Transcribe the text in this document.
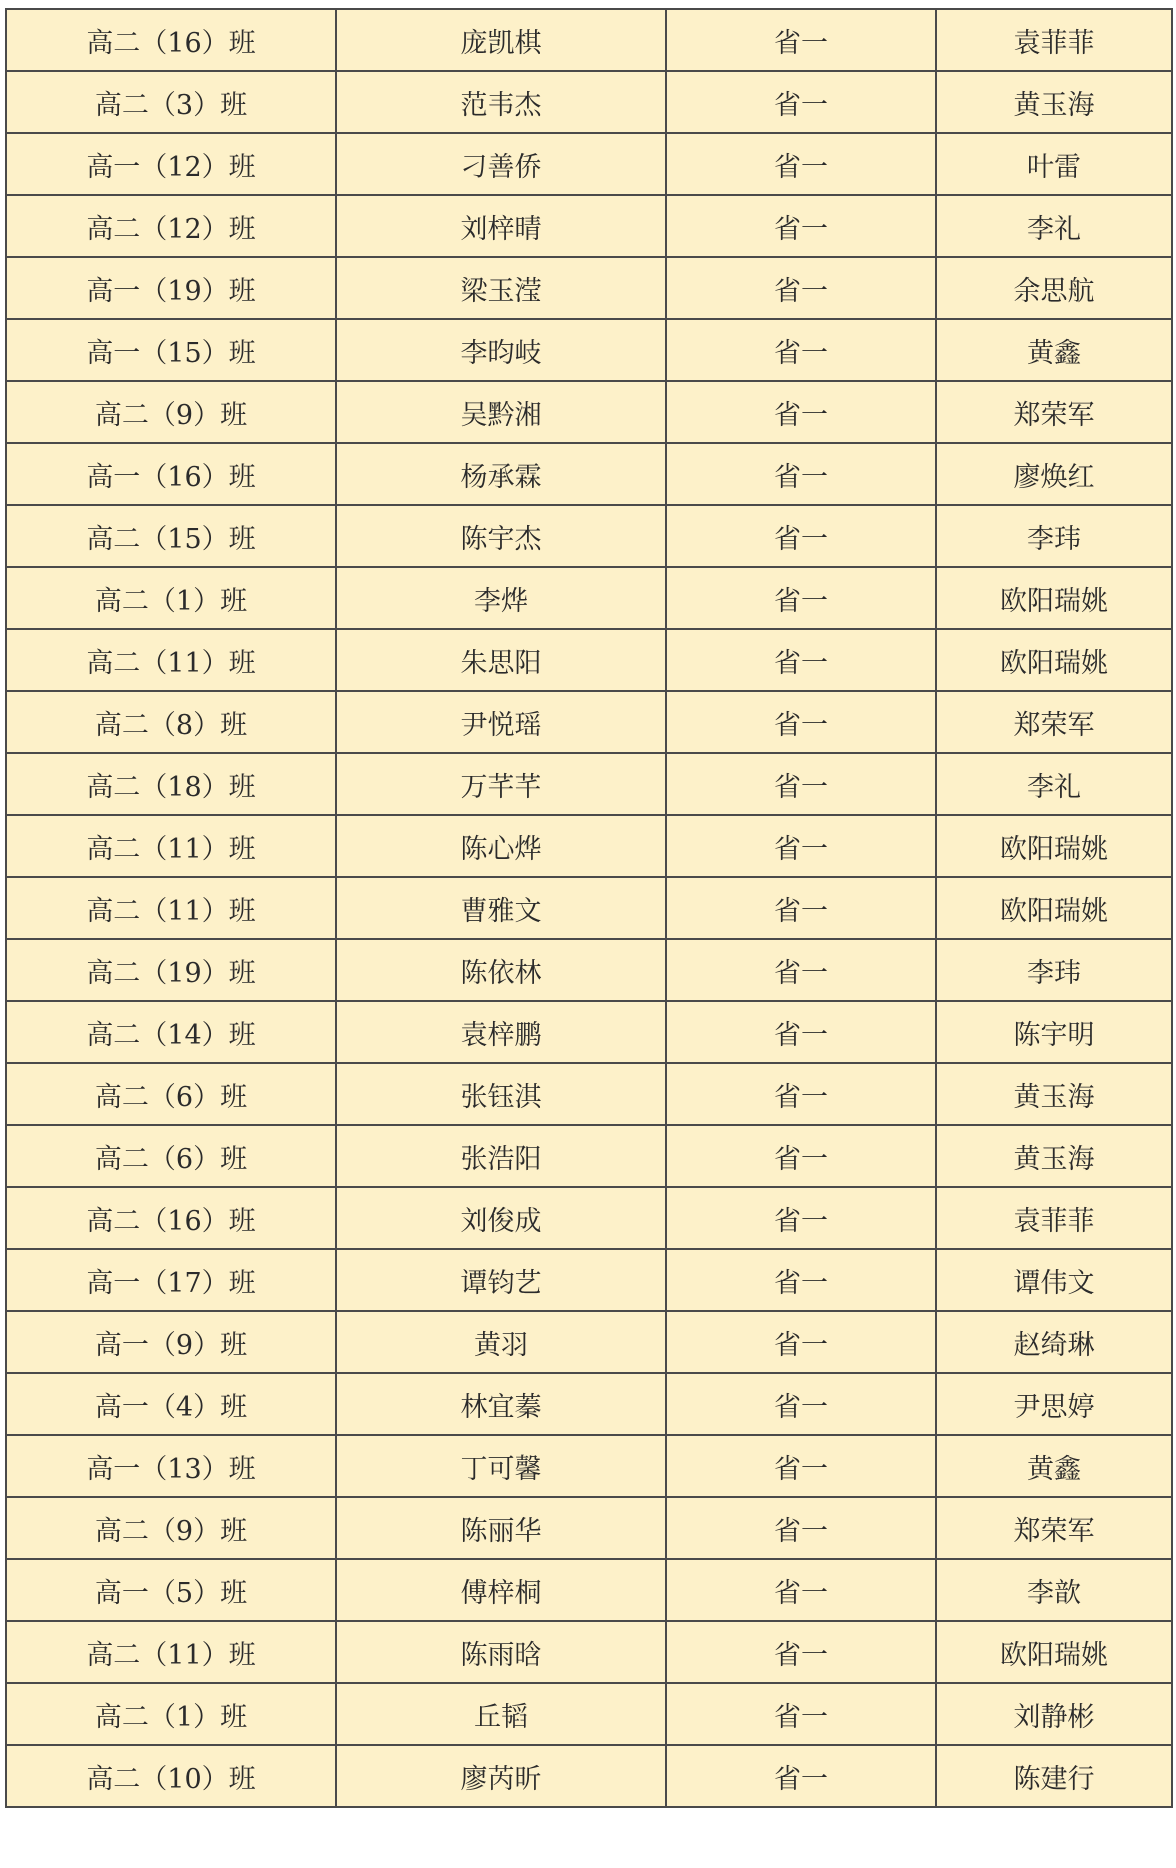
高二（16）班	庞凯棋	省一	袁菲菲
高二（3）班	范韦杰	省一	黄玉海
高一（12）班	刁善侨	省一	叶雷
高二（12）班	刘梓晴	省一	李礼
高一（19）班	梁玉滢	省一	余思航
高一（15）班	李昀岐	省一	黄鑫
高二（9）班	吴黔湘	省一	郑荣军
高一（16）班	杨承霖	省一	廖焕红
高二（15）班	陈宇杰	省一	李玮
高二（1）班	李烨	省一	欧阳瑞姚
高二（11）班	朱思阳	省一	欧阳瑞姚
高二（8）班	尹悦瑶	省一	郑荣军
高二（18）班	万芊芊	省一	李礼
高二（11）班	陈心烨	省一	欧阳瑞姚
高二（11）班	曹雅文	省一	欧阳瑞姚
高二（19）班	陈依林	省一	李玮
高二（14）班	袁梓鹏	省一	陈宇明
高二（6）班	张钰淇	省一	黄玉海
高二（6）班	张浩阳	省一	黄玉海
高二（16）班	刘俊成	省一	袁菲菲
高一（17）班	谭钧艺	省一	谭伟文
高一（9）班	黄羽	省一	赵绮琳
高一（4）班	林宜蓁	省一	尹思婷
高一（13）班	丁可馨	省一	黄鑫
高二（9）班	陈丽华	省一	郑荣军
高一（5）班	傅梓桐	省一	李歆
高二（11）班	陈雨晗	省一	欧阳瑞姚
高二（1）班	丘韬	省一	刘静彬
高二（10）班	廖芮昕	省一	陈建行
